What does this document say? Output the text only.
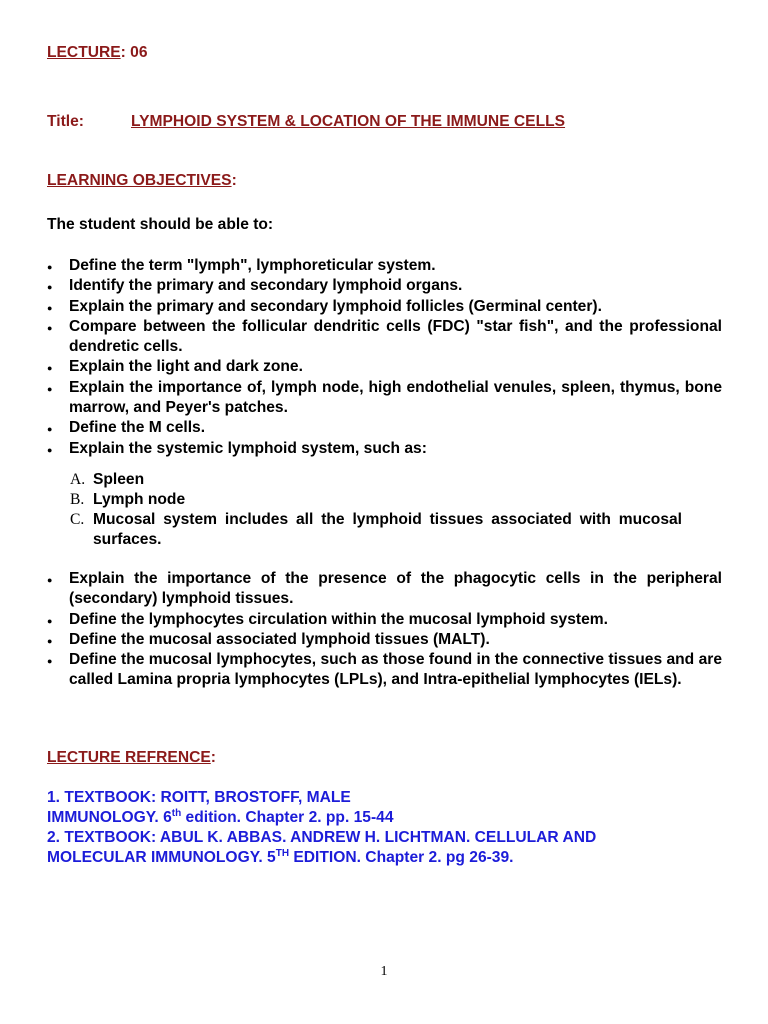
LECTURE: 06
Title:	LYMPHOID SYSTEM & LOCATION OF THE IMMUNE CELLS
LEARNING OBJECTIVES:
The student should be able to:
● Define the term "lymph", lymphoreticular system.
● Identify the primary and secondary lymphoid organs.
● Explain the primary and secondary lymphoid follicles (Germinal center).
● Compare between the follicular dendritic cells (FDC) "star fish", and the professional dendretic cells.
● Explain the light and dark zone.
● Explain the importance of, lymph node, high endothelial venules, spleen, thymus, bone marrow, and Peyer's patches.
● Define the M cells.
● Explain the systemic lymphoid system, such as:
A. Spleen
B. Lymph node
C. Mucosal system includes all the lymphoid tissues associated with mucosal surfaces.
● Explain the importance of the presence of the phagocytic cells in the peripheral (secondary) lymphoid tissues.
● Define the lymphocytes circulation within the mucosal lymphoid system.
● Define the mucosal associated lymphoid tissues (MALT).
● Define the mucosal lymphocytes, such as those found in the connective tissues and are called Lamina propria lymphocytes (LPLs), and Intra-epithelial lymphocytes (IELs).
LECTURE REFRENCE:
1. TEXTBOOK: ROITT, BROSTOFF, MALE
IMMUNOLOGY. 6th edition. Chapter 2. pp. 15-44
2. TEXTBOOK: ABUL K. ABBAS. ANDREW H. LICHTMAN. CELLULAR AND
MOLECULAR IMMUNOLOGY. 5TH EDITION. Chapter 2. pg 26-39.
1
